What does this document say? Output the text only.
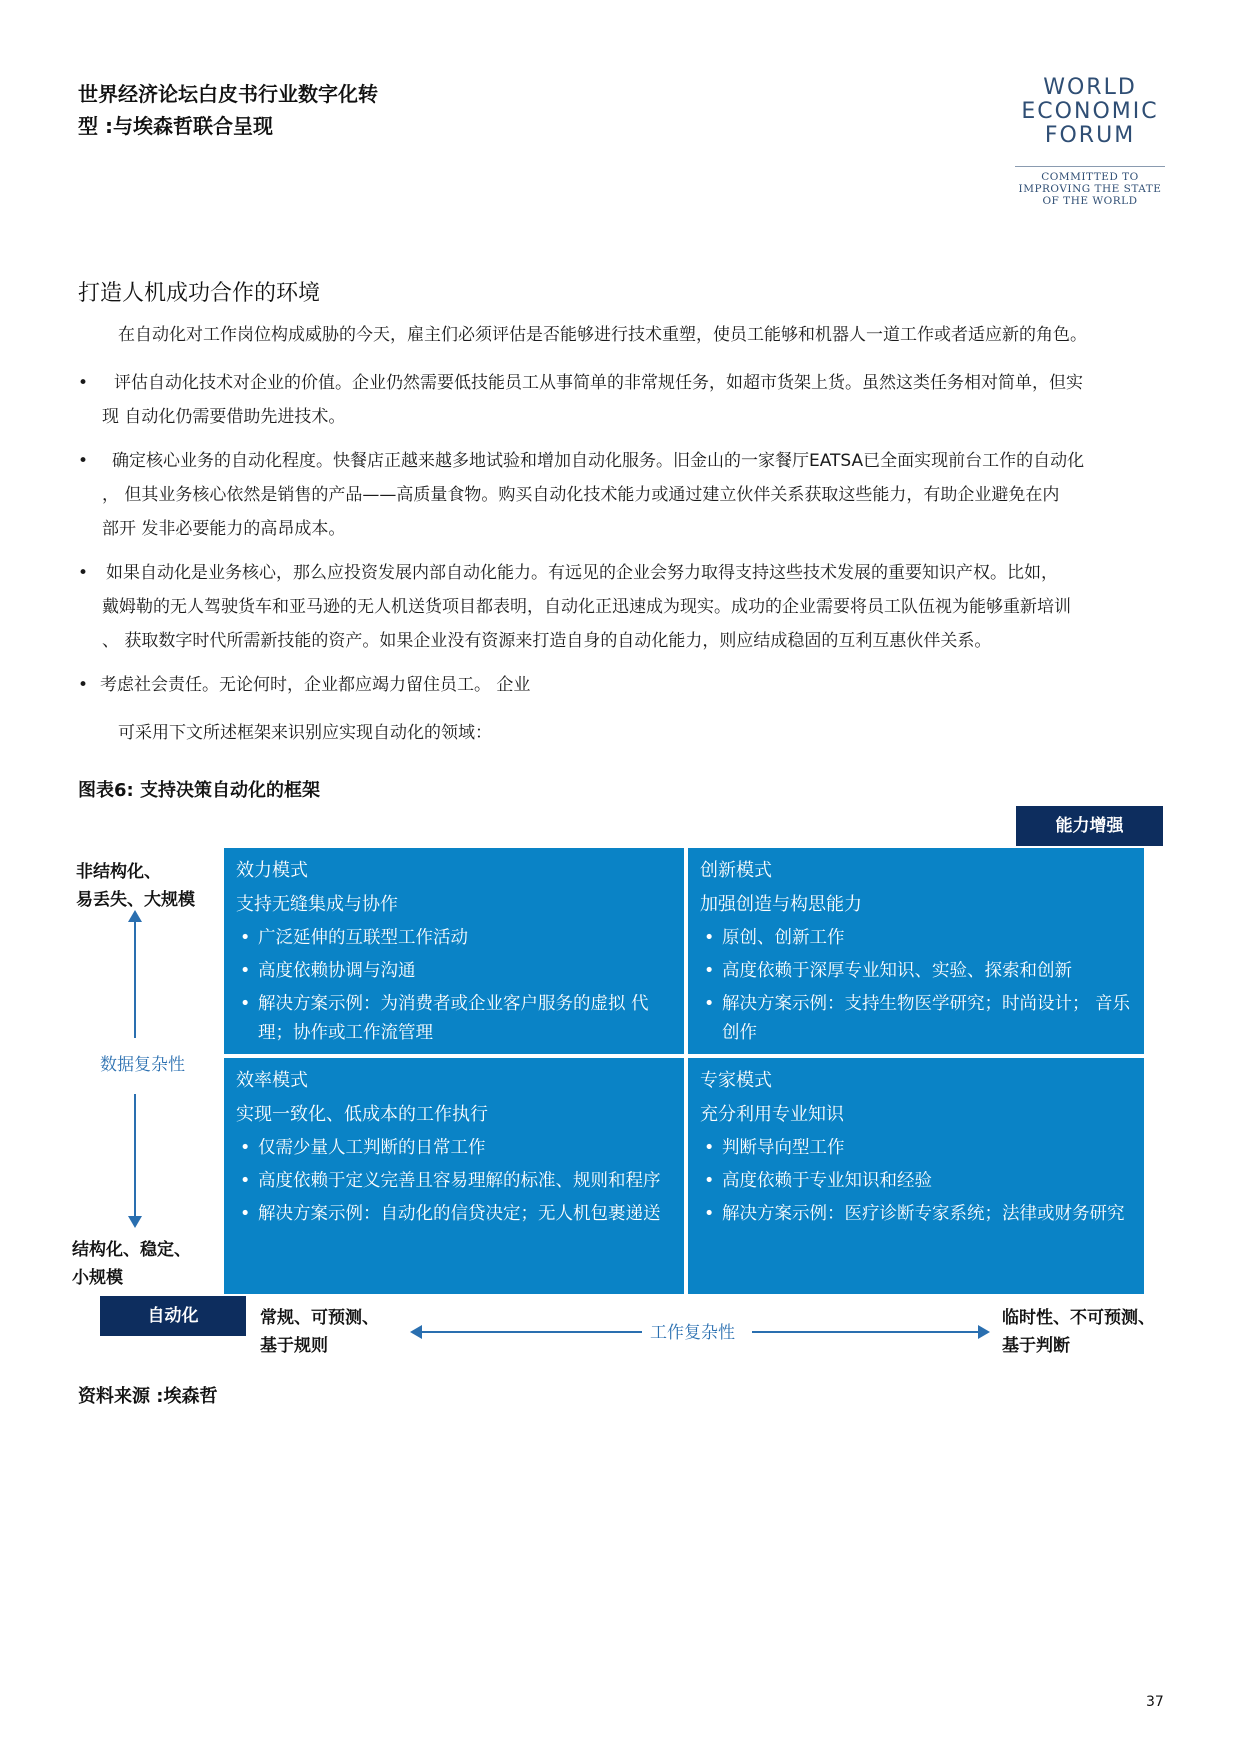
世界经济论坛白皮书行业数字化转
型 :与埃森哲联合呈现
WORLD
ECONOMIC
FORUM
COMMITTED TO
IMPROVING THE STATE
OF THE WORLD
打造人机成功合作的环境
在自动化对工作岗位构成威胁的今天，雇主们必须评估是否能够进行技术重塑，使员工能够和机器人一道工作或者适应新的角色。
•	评估自动化技术对企业的价值。企业仍然需要低技能员工从事简单的非常规任务，如超市货架上货。虽然这类任务相对简单，但实
现 自动化仍需要借助先进技术。
•	确定核心业务的自动化程度。快餐店正越来越多地试验和增加自动化服务。旧金山的一家餐厅EATSA已全面实现前台工作的自动化
， 但其业务核心依然是销售的产品——高质量食物。购买自动化技术能力或通过建立伙伴关系获取这些能力，有助企业避免在内
部开 发非必要能力的高昂成本。
•	如果自动化是业务核心，那么应投资发展内部自动化能力。有远见的企业会努力取得支持这些技术发展的重要知识产权。比如，
戴姆勒的无人驾驶货车和亚马逊的无人机送货项目都表明，自动化正迅速成为现实。成功的企业需要将员工队伍视为能够重新培训
、 获取数字时代所需新技能的资产。如果企业没有资源来打造自身的自动化能力，则应结成稳固的互利互惠伙伴关系。
• 考虑社会责任。无论何时，企业都应竭力留住员工。 企业
可采用下文所述框架来识别应实现自动化的领域：
图表6: 支持决策自动化的框架
能力增强
非结构化、
易丢失、大规模
结构化、稳定、
小规模
数据复杂性
效力模式
支持无缝集成与协作
• 广泛延伸的互联型工作活动
• 高度依赖协调与沟通
• 解决方案示例：为消费者或企业客户服务的虚拟 代理；协作或工作流管理
创新模式
加强创造与构思能力
• 原创、创新工作
• 高度依赖于深厚专业知识、实验、探索和创新
• 解决方案示例：支持生物医学研究；时尚设计； 音乐创作
效率模式
实现一致化、低成本的工作执行
• 仅需少量人工判断的日常工作
• 高度依赖于定义完善且容易理解的标准、规则和程序
• 解决方案示例：自动化的信贷决定；无人机包裹递送
专家模式
充分利用专业知识
• 判断导向型工作
• 高度依赖于专业知识和经验
• 解决方案示例：医疗诊断专家系统；法律或财务研究
自动化	常规、可预测、
基于规则
临时性、不可预测、
基于判断
工作复杂性
资料来源 :埃森哲
37
